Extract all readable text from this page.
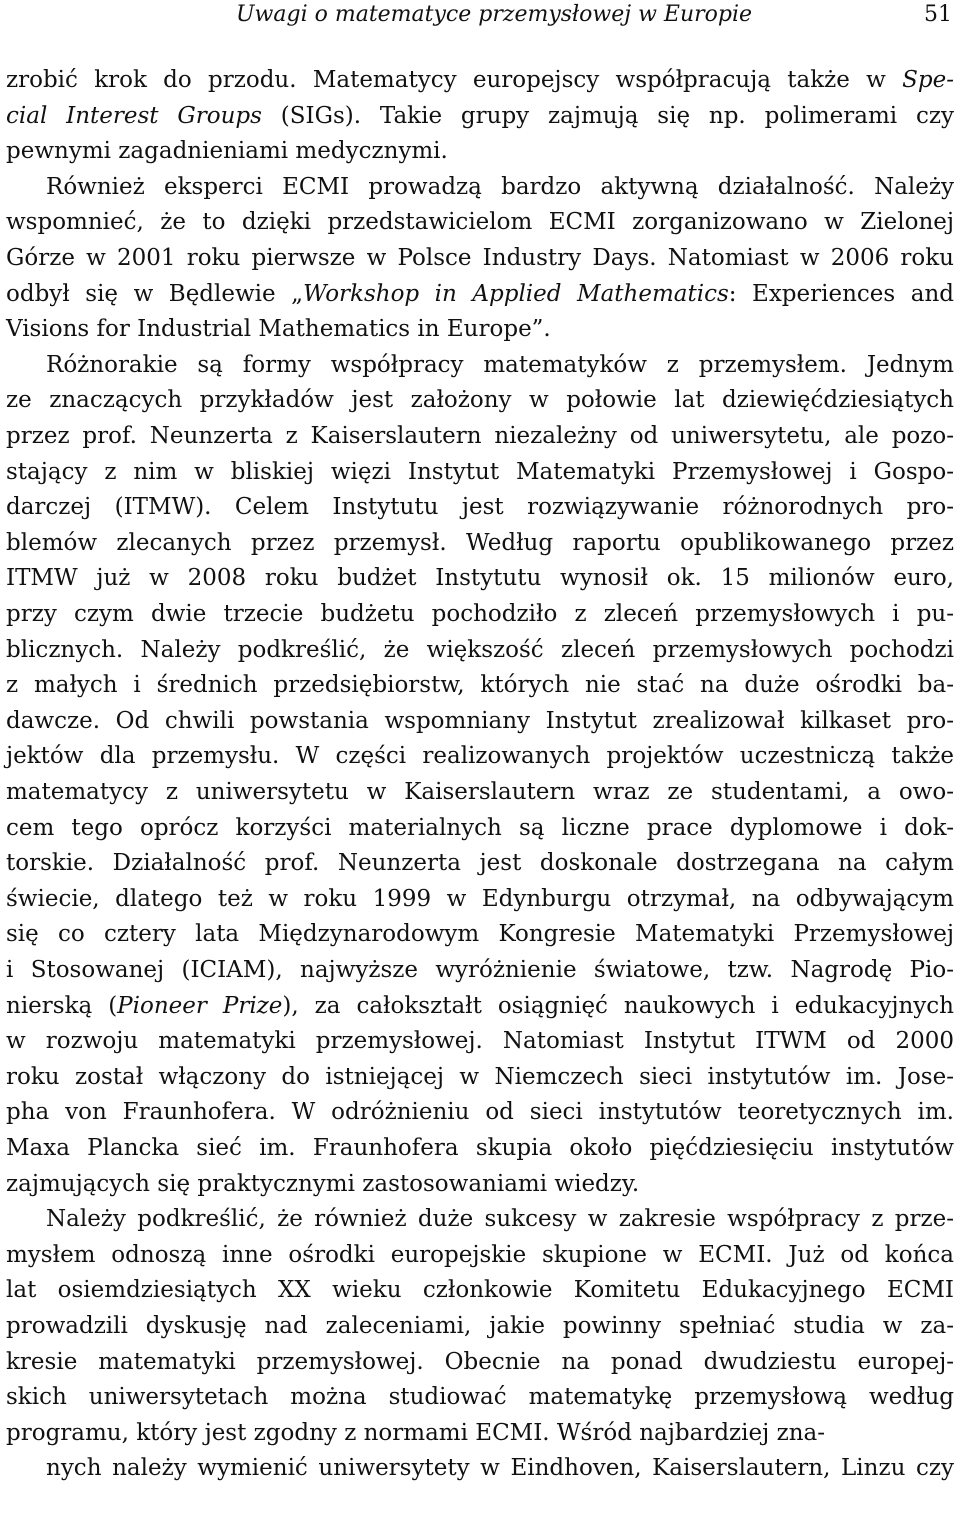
Uwagi o matematyce przemysłowej w Europie	51
zrobić krok do przodu. Matematycy europejscy współpracują także w Spe-
cial Interest Groups (SIGs). Takie grupy zajmują się np. polimerami czy
pewnymi zagadnieniami medycznymi.
Również eksperci ECMI prowadzą bardzo aktywną działalność. Należy
wspomnieć, że to dzięki przedstawicielom ECMI zorganizowano w Zielonej
Górze w 2001 roku pierwsze w Polsce Industry Days. Natomiast w 2006 roku
odbył się w Będlewie „Workshop in Applied Mathematics: Experiences and
Visions for Industrial Mathematics in Europe”.
Różnorakie są formy współpracy matematyków z przemysłem. Jednym
ze znaczących przykładów jest założony w połowie lat dziewięćdziesiątych
przez prof. Neunzerta z Kaiserslautern niezależny od uniwersytetu, ale pozo-
stający z nim w bliskiej więzi Instytut Matematyki Przemysłowej i Gospo-
darczej (ITMW). Celem Instytutu jest rozwiązywanie różnorodnych pro-
blemów zlecanych przez przemysł. Według raportu opublikowanego przez
ITMW już w 2008 roku budżet Instytutu wynosił ok. 15 milionów euro,
przy czym dwie trzecie budżetu pochodziło z zleceń przemysłowych i pu-
blicznych. Należy podkreślić, że większość zleceń przemysłowych pochodzi
z małych i średnich przedsiębiorstw, których nie stać na duże ośrodki ba-
dawcze. Od chwili powstania wspomniany Instytut zrealizował kilkaset pro-
jektów dla przemysłu. W części realizowanych projektów uczestniczą także
matematycy z uniwersytetu w Kaiserslautern wraz ze studentami, a owo-
cem tego oprócz korzyści materialnych są liczne prace dyplomowe i dok-
torskie. Działalność prof. Neunzerta jest doskonale dostrzegana na całym
świecie, dlatego też w roku 1999 w Edynburgu otrzymał, na odbywającym
się co cztery lata Międzynarodowym Kongresie Matematyki Przemysłowej
i Stosowanej (ICIAM), najwyższe wyróżnienie światowe, tzw. Nagrodę Pio-
nierską (Pioneer Prize), za całokształt osiągnięć naukowych i edukacyjnych
w rozwoju matematyki przemysłowej. Natomiast Instytut ITWM od 2000
roku został włączony do istniejącej w Niemczech sieci instytutów im. Jose-
pha von Fraunhofera. W odróżnieniu od sieci instytutów teoretycznych im.
Maxa Plancka sieć im. Fraunhofera skupia około pięćdziesięciu instytutów
zajmujących się praktycznymi zastosowaniami wiedzy.
Należy podkreślić, że również duże sukcesy w zakresie współpracy z prze-
mysłem odnoszą inne ośrodki europejskie skupione w ECMI. Już od końca
lat osiemdziesiątych XX wieku członkowie Komitetu Edukacyjnego ECMI
prowadzili dyskusję nad zaleceniami, jakie powinny spełniać studia w za-
kresie matematyki przemysłowej. Obecnie na ponad dwudziestu europej-
skich uniwersytetach można studiować matematykę przemysłową według
programu, który jest zgodny z normami ECMI. Wśród najbardziej zna-
nych należy wymienić uniwersytety w Eindhoven, Kaiserslautern, Linzu czy
